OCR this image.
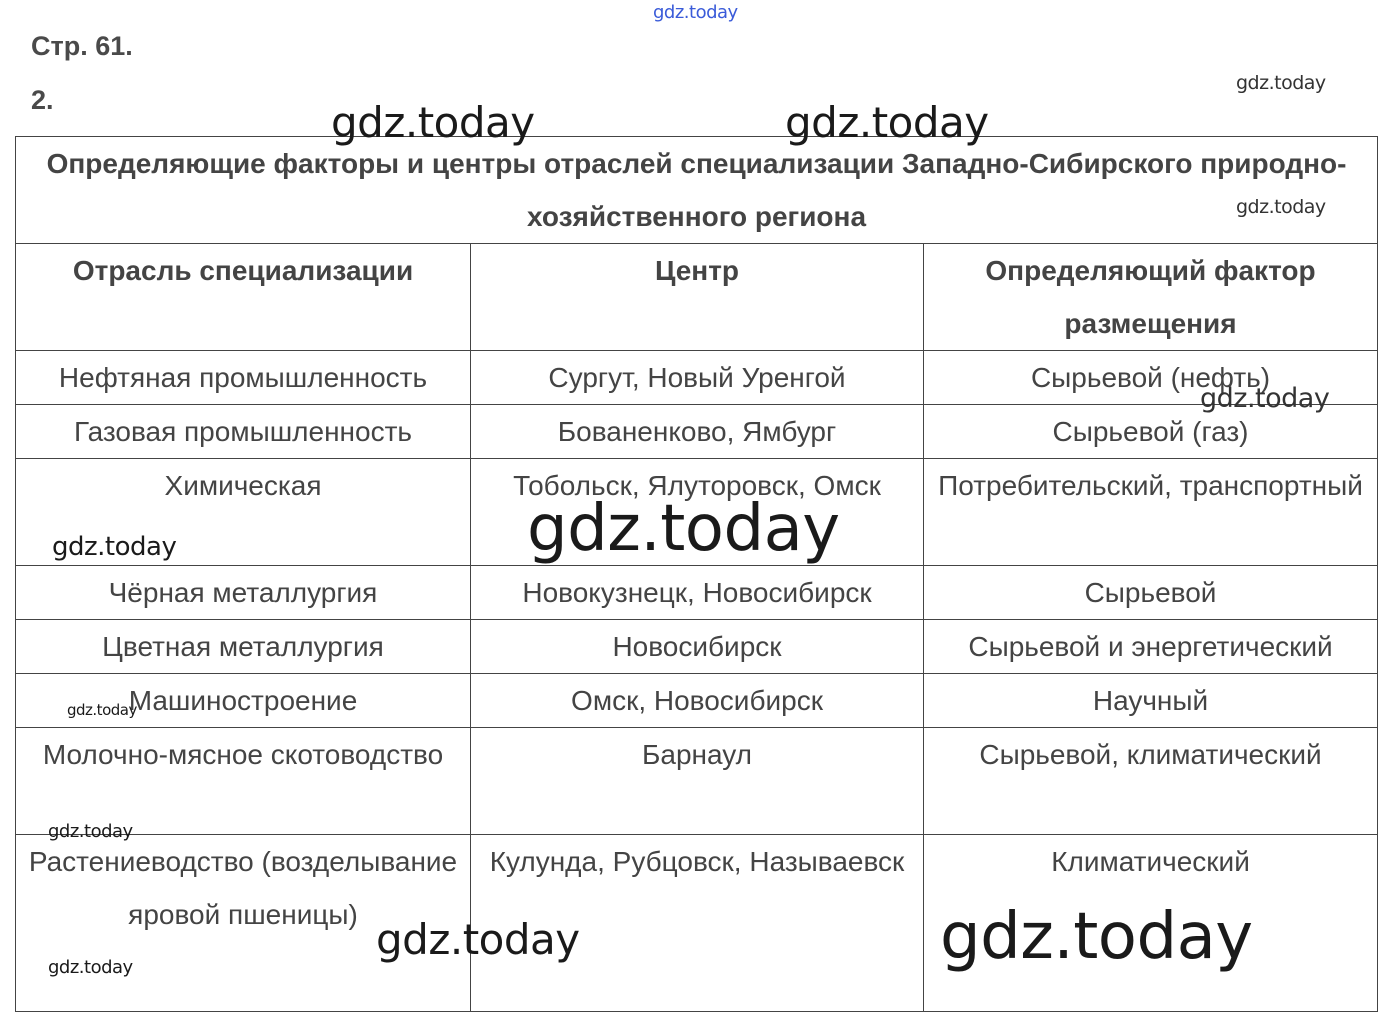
gdz.today
Стр. 61.
2.
Определяющие факторы и центры отраслей специализации Западно-Сибирского природно-хозяйственного региона		
Отрасль специализации	Центр	Определяющий фактор размещения
Нефтяная промышленность	Сургут, Новый Уренгой	Сырьевой (нефть)
Газовая промышленность	Бованенково, Ямбург	Сырьевой (газ)
Химическая	Тобольск, Ялуторовск, Омск	Потребительский, транспортный
Чёрная металлургия	Новокузнецк, Новосибирск	Сырьевой
Цветная металлургия	Новосибирск	Сырьевой и энергетический
Машиностроение	Омск, Новосибирск	Научный
Молочно-мясное скотоводство	Барнаул	Сырьевой, климатический
Растениеводство (возделывание яровой пшеницы)	Кулунда, Рубцовск, Называевск	Климатический
gdz.today
gdz.today	gdz.today
gdz.today
gdz.today
gdz.today
gdz.today
gdz.today
gdz.today
gdz.today	gdz.today
gdz.today
